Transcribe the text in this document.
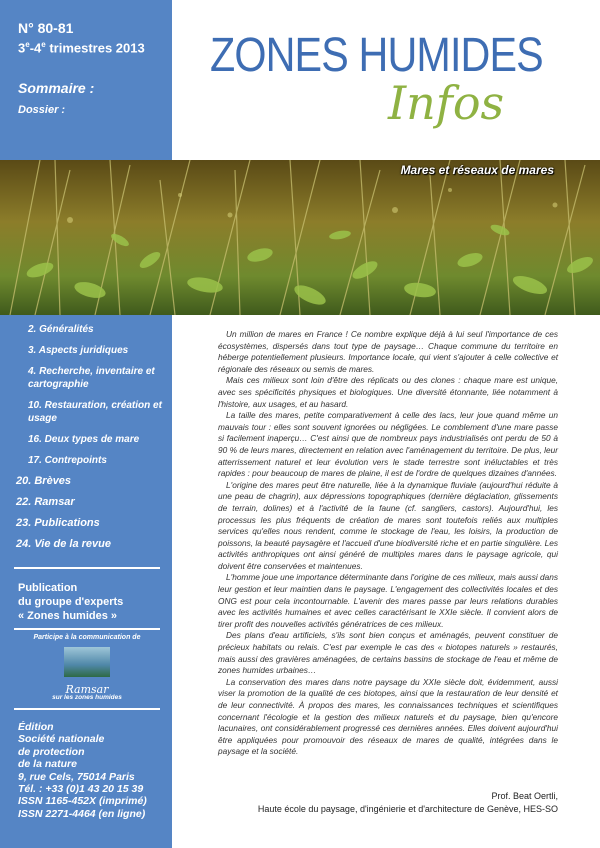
N° 80-81
3e-4e trimestres 2013
Sommaire :
Dossier :
ZONES HUMIDES
Infos
Mares et réseaux de mares
2. Généralités
3. Aspects juridiques
4. Recherche, inventaire et cartographie
10. Restauration, création et usage
16. Deux types de mare
17. Contrepoints
20. Brèves
22. Ramsar
23. Publications
24. Vie de la revue
Publication
du groupe d'experts
« Zones humides »
Participe à la communication de
Ramsar
sur les zones humides
Édition
Société nationale
de protection
de la nature
9, rue Cels, 75014 Paris
Tél. : +33 (0)1 43 20 15 39
ISSN 1165-452X (imprimé)
ISSN 2271-4464 (en ligne)

Un million de mares en France ! Ce nombre explique déjà à lui seul l'importance de ces écosystèmes, dispersés dans tout type de paysage… Chaque commune du territoire en héberge potentiellement plusieurs. Importance locale, qui vient s'ajouter à celle collective et régionale des réseaux ou semis de mares.

Mais ces milieux sont loin d'être des réplicats ou des clones : chaque mare est unique, avec ses spécificités physiques et biologiques. Une diversité étonnante, liée notamment à l'histoire, aux usages, et au hasard.

La taille des mares, petite comparativement à celle des lacs, leur joue quand même un mauvais tour : elles sont souvent ignorées ou négligées. Le comblement d'une mare passe si facilement inaperçu… C'est ainsi que de nombreux pays industrialisés ont perdu de 50 à 90 % de leurs mares, directement en relation avec l'aménagement du territoire. De plus, leur atterrissement naturel et leur évolution vers le stade terrestre sont inéluctables et très rapides : pour beaucoup de mares de plaine, il est de l'ordre de quelques dizaines d'années.

L'origine des mares peut être naturelle, liée à la dynamique fluviale (aujourd'hui réduite à une peau de chagrin), aux dépressions topographiques (dernière déglaciation, glissements de terrain, dolines) et à l'activité de la faune (cf. sangliers, castors). Aujourd'hui, les processus les plus fréquents de création de mares sont toutefois reliés aux multiples services qu'elles nous rendent, comme le stockage de l'eau, les loisirs, la production de poissons, la beauté paysagère et l'accueil d'une biodiversité riche et en partie singulière. Les activités anthropiques ont ainsi généré de multiples mares dans le paysage agricole, qui doivent être conservées et maintenues.

L'homme joue une importance déterminante dans l'origine de ces milieux, mais aussi dans leur gestion et leur maintien dans le paysage. L'engagement des collectivités locales et des ONG est pour cela incontournable. L'avenir des mares passe par leurs relations durables avec les activités humaines et avec celles caractérisant le XXIe siècle. Il convient alors de tirer profit des nouvelles activités génératrices de ces milieux.

Des plans d'eau artificiels, s'ils sont bien conçus et aménagés, peuvent constituer de précieux habitats ou relais. C'est par exemple le cas des « biotopes naturels » restaurés, mais aussi des gravières aménagées, de certains bassins de stockage de l'eau et même de zones humides urbaines…

La conservation des mares dans notre paysage du XXIe siècle doit, évidemment, aussi viser la promotion de la qualité de ces biotopes, ainsi que la restauration de leur densité et de leur connectivité. À propos des mares, les connaissances techniques et scientifiques concernant l'écologie et la gestion des milieux naturels et du paysage, bien qu'encore lacunaires, ont considérablement progressé ces dernières années. Elles doivent aujourd'hui être appliquées pour promouvoir des réseaux de mares de qualité, intégrées dans le paysage et la société.

Prof. Beat Oertli,
Haute école du paysage, d'ingénierie et d'architecture de Genève, HES-SO
